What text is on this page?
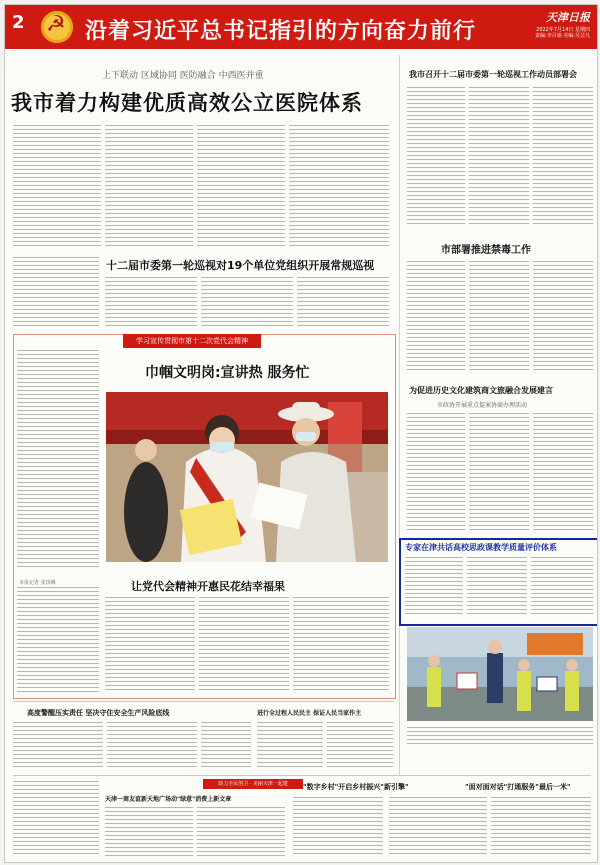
2
☭	沿着习近平总书记指引的方向奋力前行
天津日报
2022年7月14日 星期四
责编:李召瑜 美编:吴芸凡
上下联动 区域协同 医防融合 中西医并重
我市着力构建优质高效公立医院体系
十二届市委第一轮巡视对19个单位党组织开展常规巡视
学习宣传贯彻市第十二次党代会精神
巾帼文明岗:宣讲热 服务忙
本报记者 张国琳	让党代会精神开惠民花结幸福果
我市召开十二届市委第一轮巡视工作动员部署会
市部署推进禁毒工作
为促进历史文化建筑商文旅融合发展建言
市政协开展重点提案协商办理活动
专家在津共话高校思政课教学质量评价体系
高度警醒压实责任 坚决守住安全生产风险底线	进行全过程人民民主 保证人民当家作主
助力全民创卫 · 美丽天津一起建
天津一商友谊新天地广场动"绿意"消费上新文章
"数字乡村"开启乡村振兴"新引擎"	"面对面对话"打通服务"最后一米"
